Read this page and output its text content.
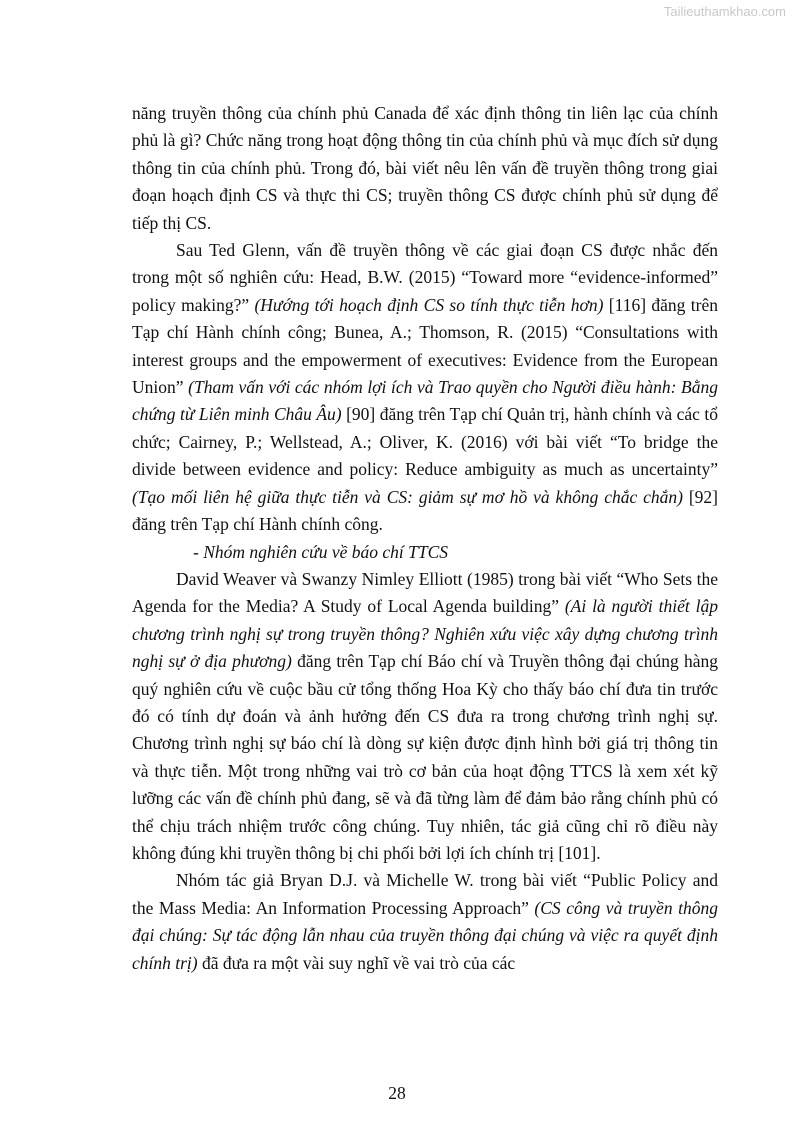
Tailieuthamkhao.com

năng truyền thông của chính phủ Canada để xác định thông tin liên lạc của chính phủ là gì? Chức năng trong hoạt động thông tin của chính phủ và mục đích sử dụng thông tin của chính phủ. Trong đó, bài viết nêu lên vấn đề truyền thông trong giai đoạn hoạch định CS và thực thi CS; truyền thông CS được chính phủ sử dụng để tiếp thị CS.

Sau Ted Glenn, vấn đề truyền thông về các giai đoạn CS được nhắc đến trong một số nghiên cứu: Head, B.W. (2015) “Toward more “evidence-informed” policy making?” (Hướng tới hoạch định CS so tính thực tiễn hơn) [116] đăng trên Tạp chí Hành chính công; Bunea, A.; Thomson, R. (2015) “Consultations with interest groups and the empowerment of executives: Evidence from the European Union” (Tham vấn với các nhóm lợi ích và Trao quyền cho Người điều hành: Bằng chứng từ Liên minh Châu Âu) [90] đăng trên Tạp chí Quản trị, hành chính và các tổ chức; Cairney, P.; Wellstead, A.; Oliver, K. (2016) với bài viết “To bridge the divide between evidence and policy: Reduce ambiguity as much as uncertainty” (Tạo mối liên hệ giữa thực tiễn và CS: giảm sự mơ hồ và không chắc chắn) [92] đăng trên Tạp chí Hành chính công.

- Nhóm nghiên cứu về báo chí TTCS

David Weaver và Swanzy Nimley Elliott (1985) trong bài viết “Who Sets the Agenda for the Media? A Study of Local Agenda building” (Ai là người thiết lập chương trình nghị sự trong truyền thông? Nghiên xứu việc xây dựng chương trình nghị sự ở địa phương) đăng trên Tạp chí Báo chí và Truyền thông đại chúng hàng quý nghiên cứu về cuộc bầu cử tổng thống Hoa Kỳ cho thấy báo chí đưa tin trước đó có tính dự đoán và ảnh hưởng đến CS đưa ra trong chương trình nghị sự. Chương trình nghị sự báo chí là dòng sự kiện được định hình bởi giá trị thông tin và thực tiễn. Một trong những vai trò cơ bản của hoạt động TTCS là xem xét kỹ lưỡng các vấn đề chính phủ đang, sẽ và đã từng làm để đảm bảo rằng chính phủ có thể chịu trách nhiệm trước công chúng. Tuy nhiên, tác giả cũng chỉ rõ điều này không đúng khi truyền thông bị chi phối bởi lợi ích chính trị [101].

Nhóm tác giả Bryan D.J. và Michelle W. trong bài viết “Public Policy and the Mass Media: An Information Processing Approach” (CS công và truyền thông đại chúng: Sự tác động lẫn nhau của truyền thông đại chúng và việc ra quyết định chính trị) đã đưa ra một vài suy nghĩ về vai trò của các

28
